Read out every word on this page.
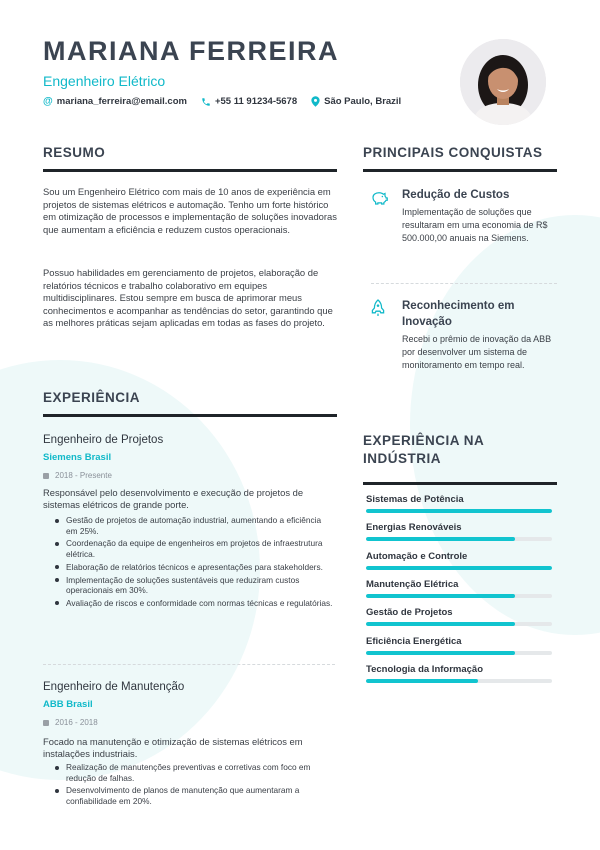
MARIANA FERREIRA
Engenheiro Elétrico
@ mariana_ferreira@email.com	+55 11 91234-5678	São Paulo, Brazil
RESUMO
Sou um Engenheiro Elétrico com mais de 10 anos de experiência em projetos de sistemas elétricos e automação. Tenho um forte histórico em otimização de processos e implementação de soluções inovadoras que aumentam a eficiência e reduzem custos operacionais.
Possuo habilidades em gerenciamento de projetos, elaboração de relatórios técnicos e trabalho colaborativo em equipes multidisciplinares. Estou sempre em busca de aprimorar meus conhecimentos e acompanhar as tendências do setor, garantindo que as melhores práticas sejam aplicadas em todas as fases do projeto.
PRINCIPAIS CONQUISTAS
Redução de Custos
Implementação de soluções que resultaram em uma economia de R$ 500.000,00 anuais na Siemens.
Reconhecimento em Inovação
Recebi o prêmio de inovação da ABB por desenvolver um sistema de monitoramento em tempo real.
EXPERIÊNCIA
Engenheiro de Projetos
Siemens Brasil
2018 - Presente
Responsável pelo desenvolvimento e execução de projetos de sistemas elétricos de grande porte.
Gestão de projetos de automação industrial, aumentando a eficiência em 25%.
Coordenação da equipe de engenheiros em projetos de infraestrutura elétrica.
Elaboração de relatórios técnicos e apresentações para stakeholders.
Implementação de soluções sustentáveis que reduziram custos operacionais em 30%.
Avaliação de riscos e conformidade com normas técnicas e regulatórias.
Engenheiro de Manutenção
ABB Brasil
2016 - 2018
Focado na manutenção e otimização de sistemas elétricos em instalações industriais.
Realização de manutenções preventivas e corretivas com foco em redução de falhas.
Desenvolvimento de planos de manutenção que aumentaram a confiabilidade em 20%.
EXPERIÊNCIA NA INDÚSTRIA
Sistemas de Potência
Energias Renováveis
Automação e Controle
Manutenção Elétrica
Gestão de Projetos
Eficiência Energética
Tecnologia da Informação
